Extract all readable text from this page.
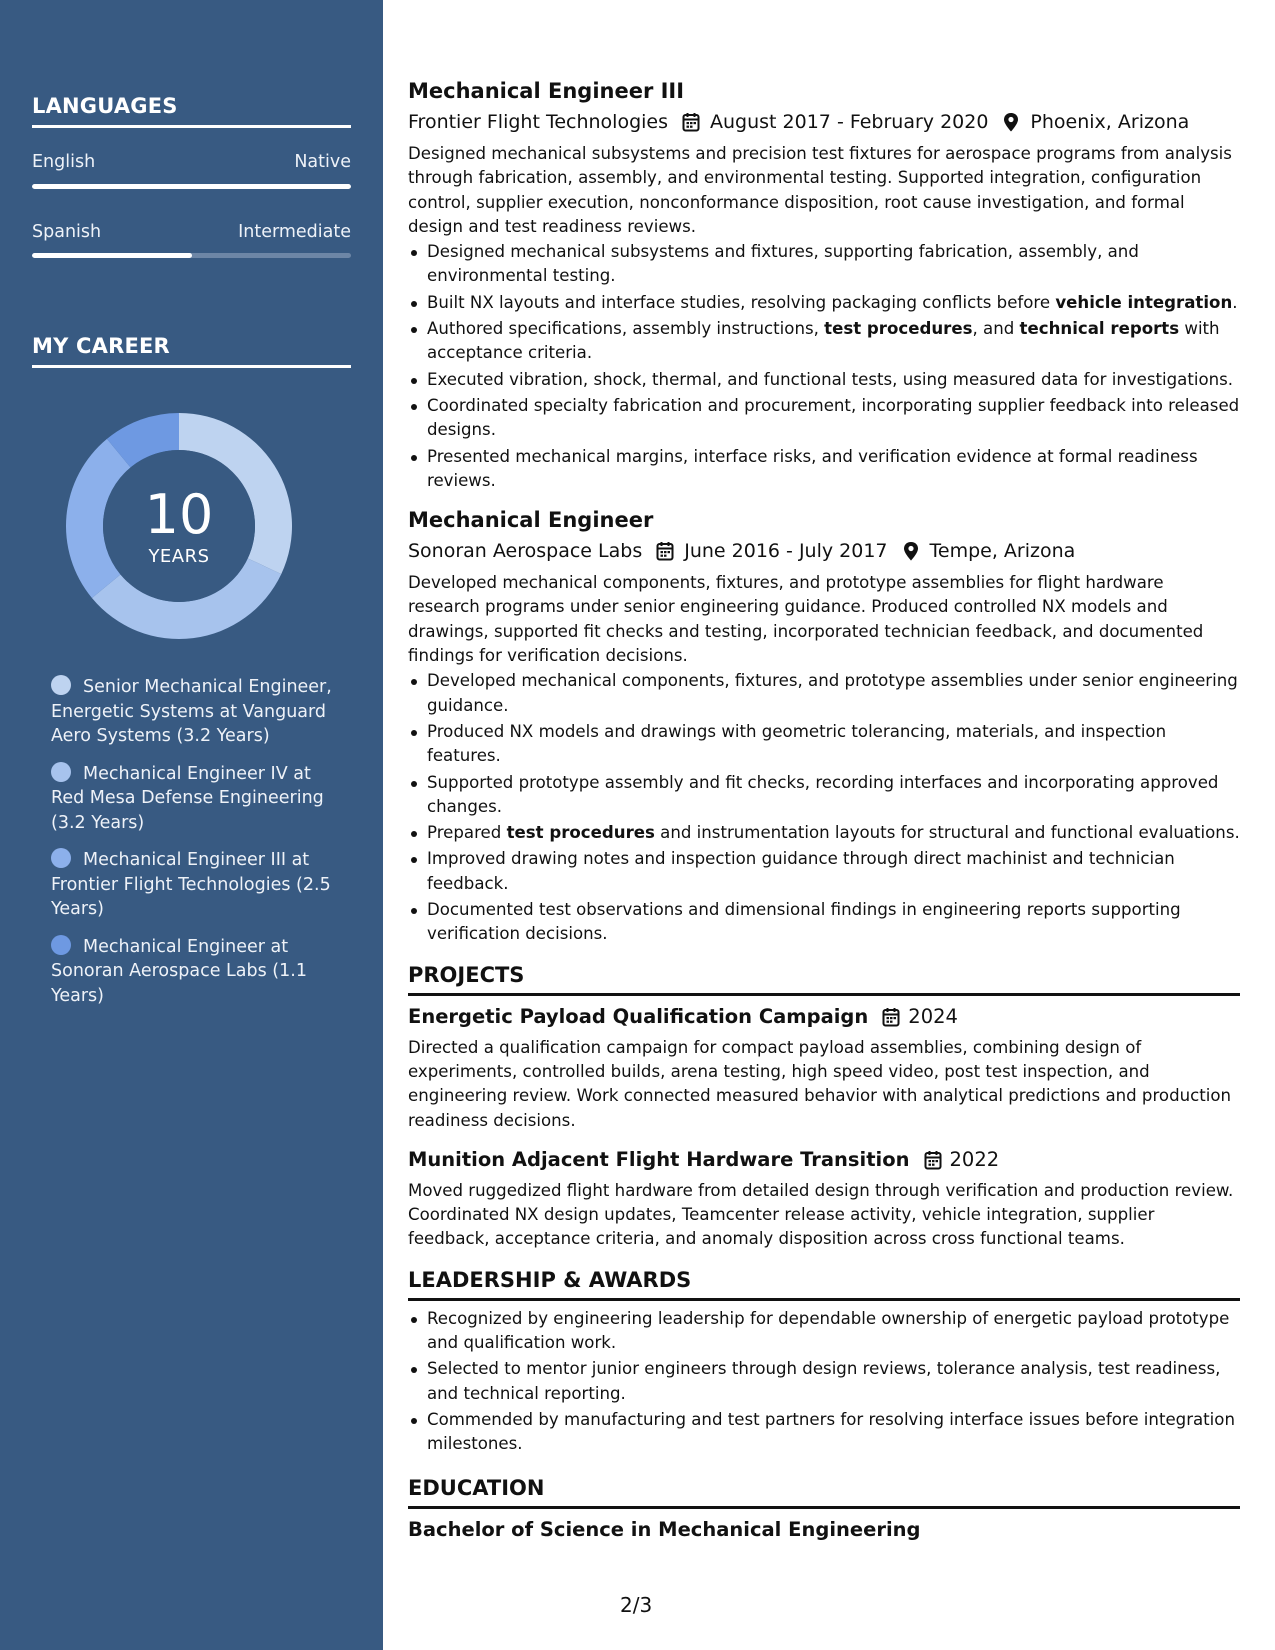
LANGUAGES
English	Native
Spanish	Intermediate
MY CAREER
10
YEARS
Senior Mechanical Engineer, Energetic Systems at Vanguard Aero Systems (3.2 Years)
Mechanical Engineer IV at Red Mesa Defense Engineering (3.2 Years)
Mechanical Engineer III at Frontier Flight Technologies (2.5 Years)
Mechanical Engineer at Sonoran Aerospace Labs (1.1 Years)
Mechanical Engineer III
Frontier Flight Technologies August 2017 - February 2020 Phoenix, Arizona

Designed mechanical subsystems and precision test fixtures for aerospace programs from analysis through fabrication, assembly, and environmental testing. Supported integration, configuration control, supplier execution, nonconformance disposition, root cause investigation, and formal design and test readiness reviews.

Designed mechanical subsystems and fixtures, supporting fabrication, assembly, and environmental testing.
Built NX layouts and interface studies, resolving packaging conflicts before vehicle integration.
Authored specifications, assembly instructions, test procedures, and technical reports with acceptance criteria.
Executed vibration, shock, thermal, and functional tests, using measured data for investigations.
Coordinated specialty fabrication and procurement, incorporating supplier feedback into released designs.
Presented mechanical margins, interface risks, and verification evidence at formal readiness reviews.
Mechanical Engineer
Sonoran Aerospace Labs June 2016 - July 2017 Tempe, Arizona

Developed mechanical components, fixtures, and prototype assemblies for flight hardware research programs under senior engineering guidance. Produced controlled NX models and drawings, supported fit checks and testing, incorporated technician feedback, and documented findings for verification decisions.

Developed mechanical components, fixtures, and prototype assemblies under senior engineering guidance.
Produced NX models and drawings with geometric tolerancing, materials, and inspection features.
Supported prototype assembly and fit checks, recording interfaces and incorporating approved changes.
Prepared test procedures and instrumentation layouts for structural and functional evaluations.
Improved drawing notes and inspection guidance through direct machinist and technician feedback.
Documented test observations and dimensional findings in engineering reports supporting verification decisions.
PROJECTS
Energetic Payload Qualification Campaign 2024

Directed a qualification campaign for compact payload assemblies, combining design of experiments, controlled builds, arena testing, high speed video, post test inspection, and engineering review. Work connected measured behavior with analytical predictions and production readiness decisions.

Munition Adjacent Flight Hardware Transition 2022

Moved ruggedized flight hardware from detailed design through verification and production review. Coordinated NX design updates, Teamcenter release activity, vehicle integration, supplier feedback, acceptance criteria, and anomaly disposition across cross functional teams.

LEADERSHIP & AWARDS
Recognized by engineering leadership for dependable ownership of energetic payload prototype and qualification work.
Selected to mentor junior engineers through design reviews, tolerance analysis, test readiness, and technical reporting.
Commended by manufacturing and test partners for resolving interface issues before integration milestones.
EDUCATION
Bachelor of Science in Mechanical Engineering
2/3
